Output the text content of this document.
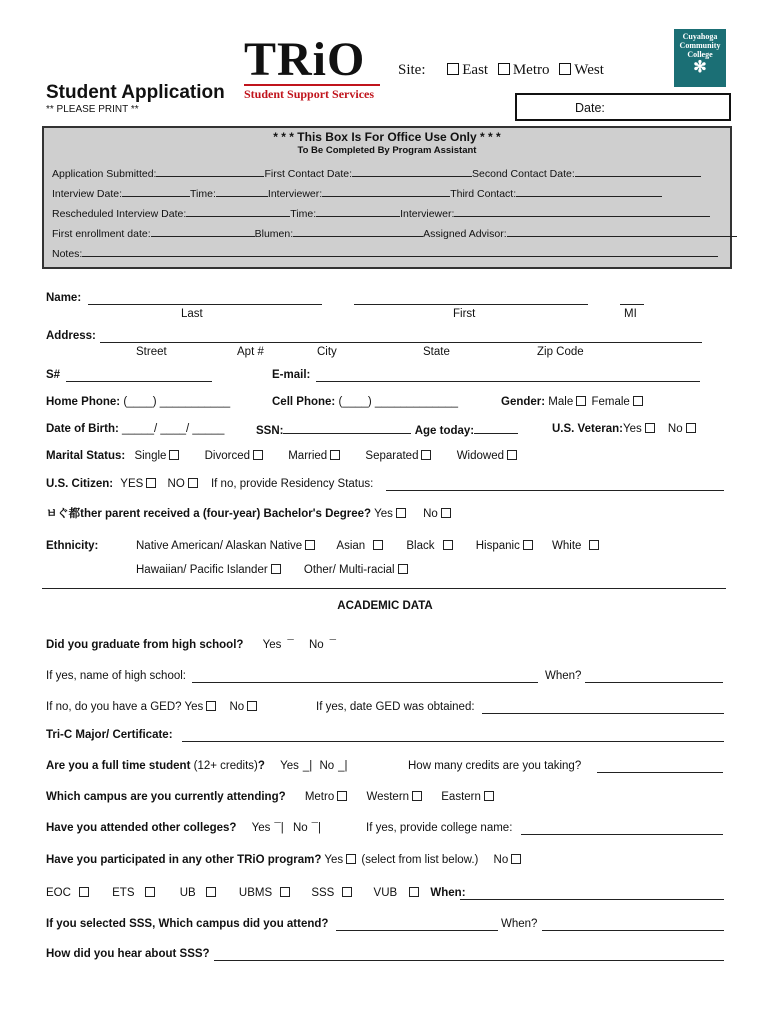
Student Application
** PLEASE PRINT **
TRiO
Student Support Services
Site: East Metro West
Cuyahoga
Community
College
✻
Date:
* * * This Box Is For Office Use Only * * *
To Be Completed By Program Assistant
Application Submitted:	First Contact Date:	Second Contact Date:
Interview Date:	Time:	Interviewer:	Third Contact:
Rescheduled Interview Date:	Time:	Interviewer:
First enrollment date:	Blumen:	Assigned Advisor:
Notes:
Name:
Last	First	MI
Address:
Street	Apt #	City	State	Zip Code
S#	E-mail:
Home Phone: (____) ___________	Cell Phone: (____) _____________	Gender: Male Female
Date of Birth: _____/ ____/ _____	SSN:	Age today:	U.S. Veteran:Yes No
Marital Status: Single	Divorced	Married	Separated	Widowed
U.S. Citizen: YES NO If no, provide Residency Status:
ㅂぐ都ther parent received a (four-year) Bachelor's Degree? Yes	No
Ethnicity:	Native American/ Alaskan Native	Asian	Black	Hispanic	White
Hawaiian/ Pacific Islander	Other/ Multi-racial
ACADEMIC DATA
Did you graduate from high school? Yes ¯ No ¯
If yes, name of high school:	When?
If no, do you have a GED? Yes No	If yes, date GED was obtained:
Tri-C Major/ Certificate:
Are you a full time student (12+ credits)? Yes _| No _|	How many credits are you taking?
Which campus are you currently attending? Metro	Western	Eastern
Have you attended other colleges? Yes ¯| No ¯|	If yes, provide college name:
Have you participated in any other TRiO program? Yes (select from list below.) No
EOC	ETS	UB	UBMS	SSS	VUB	When:
If you selected SSS, Which campus did you attend?	When?
How did you hear about SSS?
